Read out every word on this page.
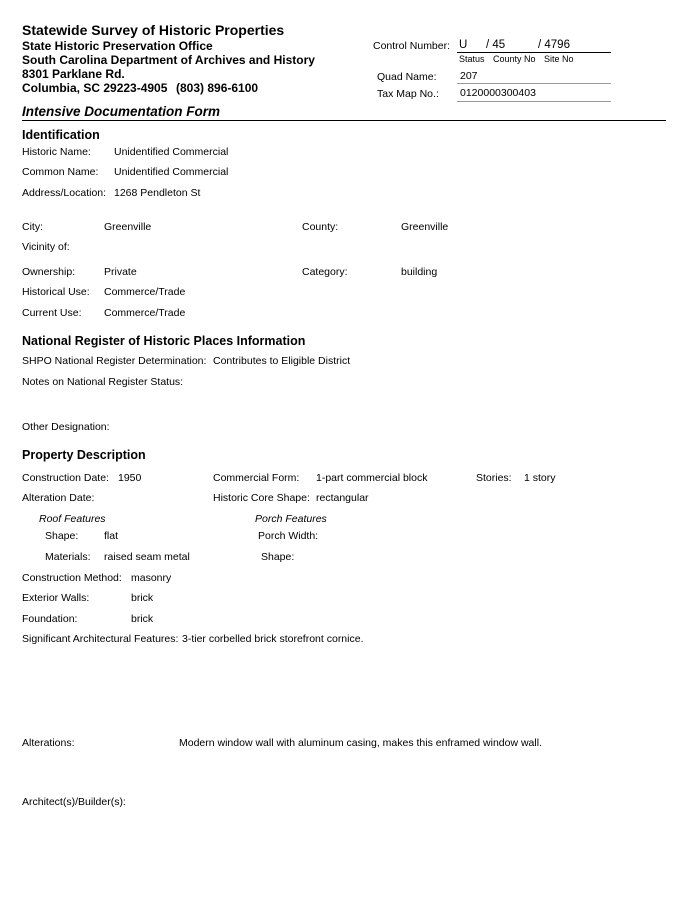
Statewide Survey of Historic Properties
State Historic Preservation Office
South Carolina Department of Archives and History
8301 Parklane Rd.
Columbia, SC 29223-4905 (803) 896-6100
Control Number: U / 45	/ 4796
Status County No Site No
Quad Name: 207
Tax Map No.: 0120000300403
Intensive Documentation Form
Identification
Historic Name: Unidentified Commercial
Common Name: Unidentified Commercial
Address/Location: 1268 Pendleton St
City:	Greenville	County:	Greenville
Vicinity of:
Ownership:	Private	Category:	building
Historical Use: Commerce/Trade
Current Use: Commerce/Trade
National Register of Historic Places Information
SHPO National Register Determination: Contributes to Eligible District
Notes on National Register Status:
Other Designation:
Property Description
Construction Date: 1950	Commercial Form: 1-part commercial block	Stories: 1 story
Alteration Date:	Historic Core Shape: rectangular
Roof Features	Porch Features
Shape: flat	Porch Width:
Materials: raised seam metal	Shape:
Construction Method: masonry
Exterior Walls:	brick
Foundation:	brick
Significant Architectural Features: 3-tier corbelled brick storefront cornice.
Alterations:	Modern window wall with aluminum casing, makes this enframed window wall.
Architect(s)/Builder(s):
